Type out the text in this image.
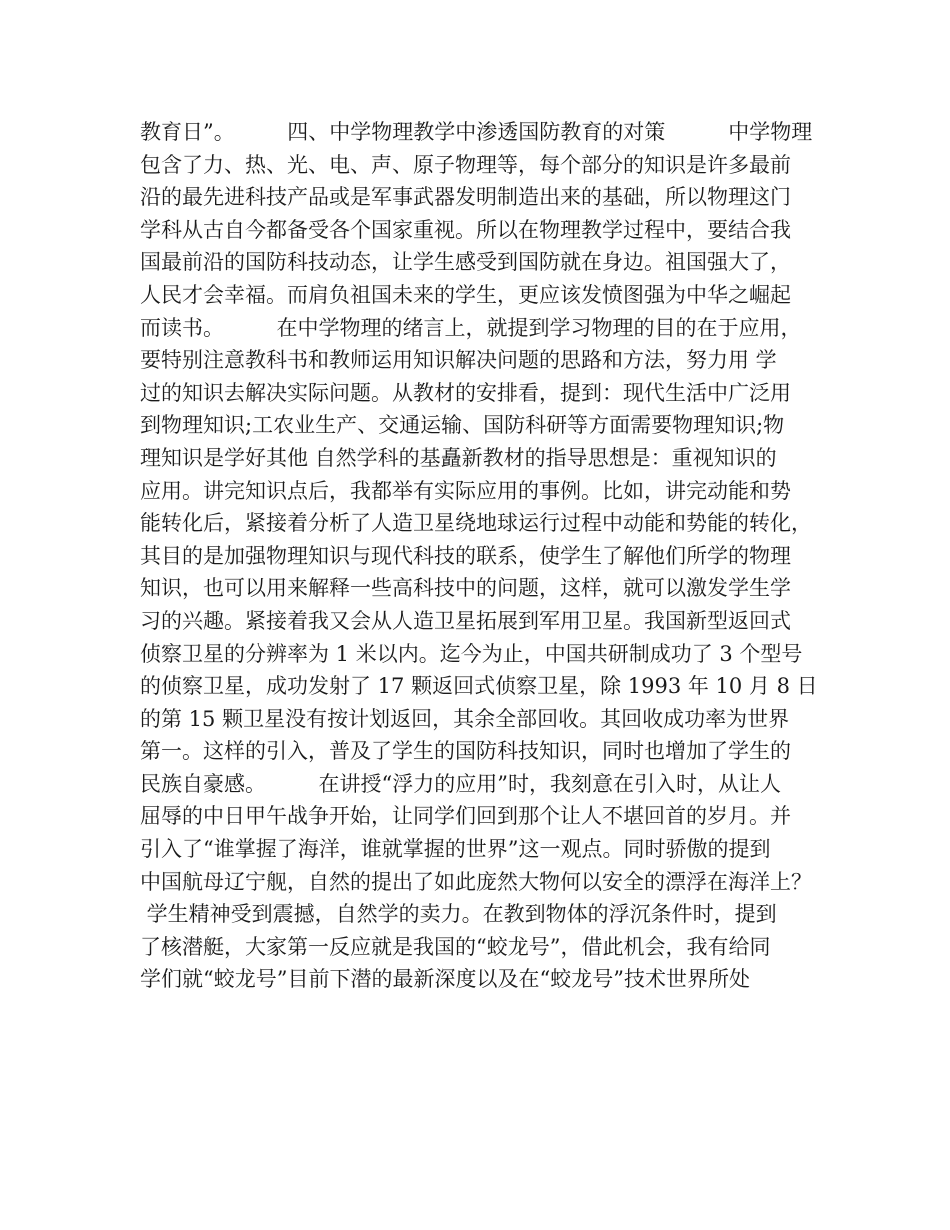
教育日”。　　　四、中学物理教学中渗透国防教育的对策　　　中学物理
包含了力、热、光、电、声、原子物理等，每个部分的知识是许多最前
沿的最先进科技产品或是军事武器发明制造出来的基础，所以物理这门
学科从古自今都备受各个国家重视。所以在物理教学过程中，要结合我
国最前沿的国防科技动态，让学生感受到国防就在身边。祖国强大了，
人民才会幸福。而肩负祖国未来的学生，更应该发愤图强为中华之崛起
而读书。　　　在中学物理的绪言上，就提到学习物理的目的在于应用，
要特别注意教科书和教师运用知识解决问题的思路和方法，努力用 学
过的知识去解决实际问题。从教材的安排看，提到：现代生活中广泛用
到物理知识;工农业生产、交通运输、国防科研等方面需要物理知识;物
理知识是学好其他 自然学科的基矗新教材的指导思想是：重视知识的
应用。讲完知识点后，我都举有实际应用的事例。比如，讲完动能和势
能转化后，紧接着分析了人造卫星绕地球运行过程中动能和势能的转化，
其目的是加强物理知识与现代科技的联系，使学生了解他们所学的物理
知识，也可以用来解释一些高科技中的问题，这样，就可以激发学生学
习的兴趣。紧接着我又会从人造卫星拓展到军用卫星。我国新型返回式
侦察卫星的分辨率为 1 米以内。迄今为止，中国共研制成功了 3 个型号
的侦察卫星，成功发射了 17 颗返回式侦察卫星，除 1993 年 10 月 8 日
的第 15 颗卫星没有按计划返回，其余全部回收。其回收成功率为世界
第一。这样的引入，普及了学生的国防科技知识，同时也增加了学生的
民族自豪感。　　　在讲授“浮力的应用”时，我刻意在引入时，从让人
屈辱的中日甲午战争开始，让同学们回到那个让人不堪回首的岁月。并
引入了“谁掌握了海洋，谁就掌握的世界”这一观点。同时骄傲的提到
中国航母辽宁舰，自然的提出了如此庞然大物何以安全的漂浮在海洋上？
学生精神受到震撼，自然学的卖力。在教到物体的浮沉条件时，提到
了核潜艇，大家第一反应就是我国的“蛟龙号”，借此机会，我有给同
学们就“蛟龙号”目前下潜的最新深度以及在“蛟龙号”技术世界所处
